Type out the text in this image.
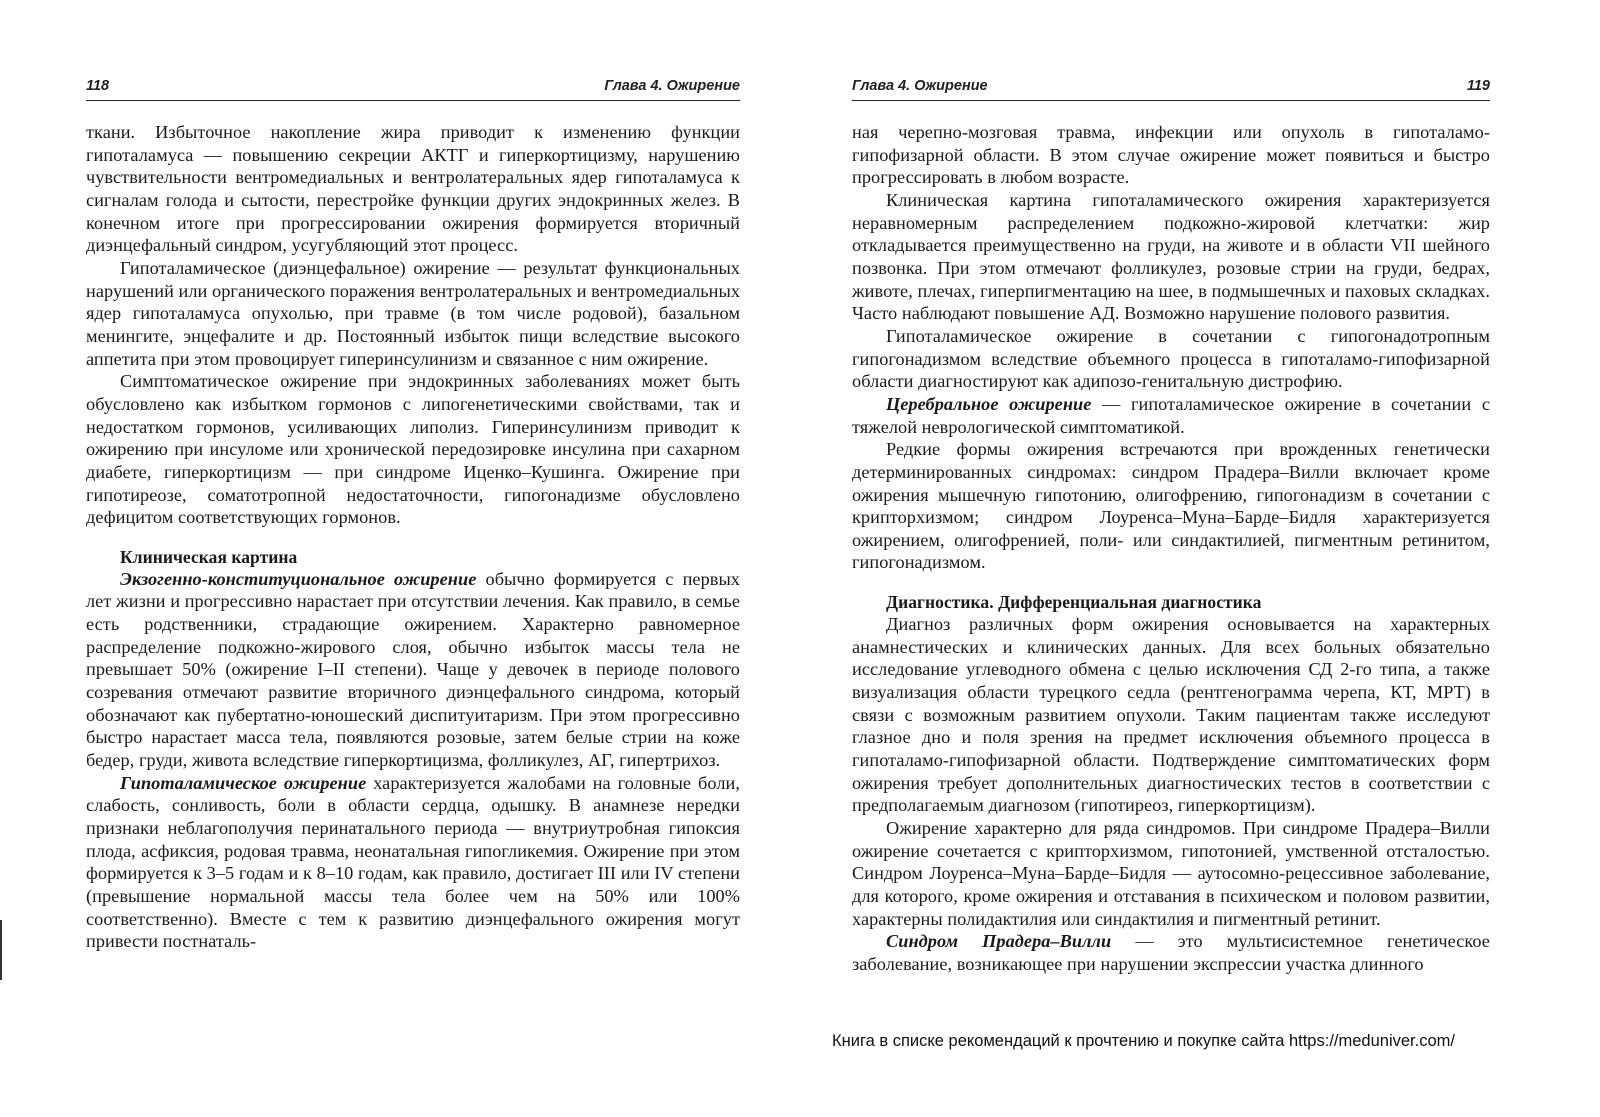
118	Глава 4. Ожирение

ткани. Избыточное накопление жира приводит к изменению функции гипоталамуса — повышению секреции АКТГ и гиперкортицизму, нарушению чувствительности вентромедиальных и вентролатеральных ядер гипоталамуса к сигналам голода и сытости, перестройке функции других эндокринных желез. В конечном итоге при прогрессировании ожирения формируется вторичный диэнцефальный синдром, усугубляющий этот процесс.

Гипоталамическое (диэнцефальное) ожирение — результат функциональных нарушений или органического поражения вентролатеральных и вентромедиальных ядер гипоталамуса опухолью, при травме (в том числе родовой), базальном менингите, энцефалите и др. Постоянный избыток пищи вследствие высокого аппетита при этом провоцирует гиперинсулинизм и связанное с ним ожирение.

Симптоматическое ожирение при эндокринных заболеваниях может быть обусловлено как избытком гормонов с липогенетическими свойствами, так и недостатком гормонов, усиливающих липолиз. Гиперинсулинизм приводит к ожирению при инсуломе или хронической передозировке инсулина при сахарном диабете, гиперкортицизм — при синдроме Иценко–Кушинга. Ожирение при гипотиреозе, соматотропной недостаточности, гипогонадизме обусловлено дефицитом соответствующих гормонов.

Клиническая картина

Экзогенно-конституциональное ожирение обычно формируется с первых лет жизни и прогрессивно нарастает при отсутствии лечения. Как правило, в семье есть родственники, страдающие ожирением. Характерно равномерное распределение подкожно-жирового слоя, обычно избыток массы тела не превышает 50% (ожирение I–II степени). Чаще у девочек в периоде полового созревания отмечают развитие вторичного диэнцефального синдрома, который обозначают как пубертатно-юношеский диспитуитаризм. При этом прогрессивно быстро нарастает масса тела, появляются розовые, затем белые стрии на коже бедер, груди, живота вследствие гиперкортицизма, фолликулез, АГ, гипертрихоз.

Гипоталамическое ожирение характеризуется жалобами на головные боли, слабость, сонливость, боли в области сердца, одышку. В анамнезе нередки признаки неблагополучия перинатального периода — внутриутробная гипоксия плода, асфиксия, родовая травма, неонатальная гипогликемия. Ожирение при этом формируется к 3–5 годам и к 8–10 годам, как правило, достигает III или IV степени (превышение нормальной массы тела более чем на 50% или 100% соответственно). Вместе с тем к развитию диэнцефального ожирения могут привести постнаталь-

Глава 4. Ожирение	119

ная черепно-мозговая травма, инфекции или опухоль в гипоталамо-гипофизарной области. В этом случае ожирение может появиться и быстро прогрессировать в любом возрасте.

Клиническая картина гипоталамического ожирения характеризуется неравномерным распределением подкожно-жировой клетчатки: жир откладывается преимущественно на груди, на животе и в области VII шейного позвонка. При этом отмечают фолликулез, розовые стрии на груди, бедрах, животе, плечах, гиперпигментацию на шее, в подмышечных и паховых складках. Часто наблюдают повышение АД. Возможно нарушение полового развития.

Гипоталамическое ожирение в сочетании с гипогонадотропным гипогонадизмом вследствие объемного процесса в гипоталамо-гипофизарной области диагностируют как адипозо-генитальную дистрофию.

Церебральное ожирение — гипоталамическое ожирение в сочетании с тяжелой неврологической симптоматикой.

Редкие формы ожирения встречаются при врожденных генетически детерминированных синдромах: синдром Прадера–Вилли включает кроме ожирения мышечную гипотонию, олигофрению, гипогонадизм в сочетании с крипторхизмом; синдром Лоуренса–Муна–Барде–Бидля характеризуется ожирением, олигофренией, поли- или синдактилией, пигментным ретинитом, гипогонадизмом.

Диагностика. Дифференциальная диагностика

Диагноз различных форм ожирения основывается на характерных анамнестических и клинических данных. Для всех больных обязательно исследование углеводного обмена с целью исключения СД 2-го типа, а также визуализация области турецкого седла (рентгенограмма черепа, КТ, МРТ) в связи с возможным развитием опухоли. Таким пациентам также исследуют глазное дно и поля зрения на предмет исключения объемного процесса в гипоталамо-гипофизарной области. Подтверждение симптоматических форм ожирения требует дополнительных диагностических тестов в соответствии с предполагаемым диагнозом (гипотиреоз, гиперкортицизм).

Ожирение характерно для ряда синдромов. При синдроме Прадера–Вилли ожирение сочетается с крипторхизмом, гипотонией, умственной отсталостью. Синдром Лоуренса–Муна–Барде–Бидля — аутосомно-рецессивное заболевание, для которого, кроме ожирения и отставания в психическом и половом развитии, характерны полидактилия или синдактилия и пигментный ретинит.

Синдром Прадера–Вилли — это мультисистемное генетическое заболевание, возникающее при нарушении экспрессии участка длинного

Книга в списке рекомендаций к прочтению и покупке сайта https://meduniver.com/
